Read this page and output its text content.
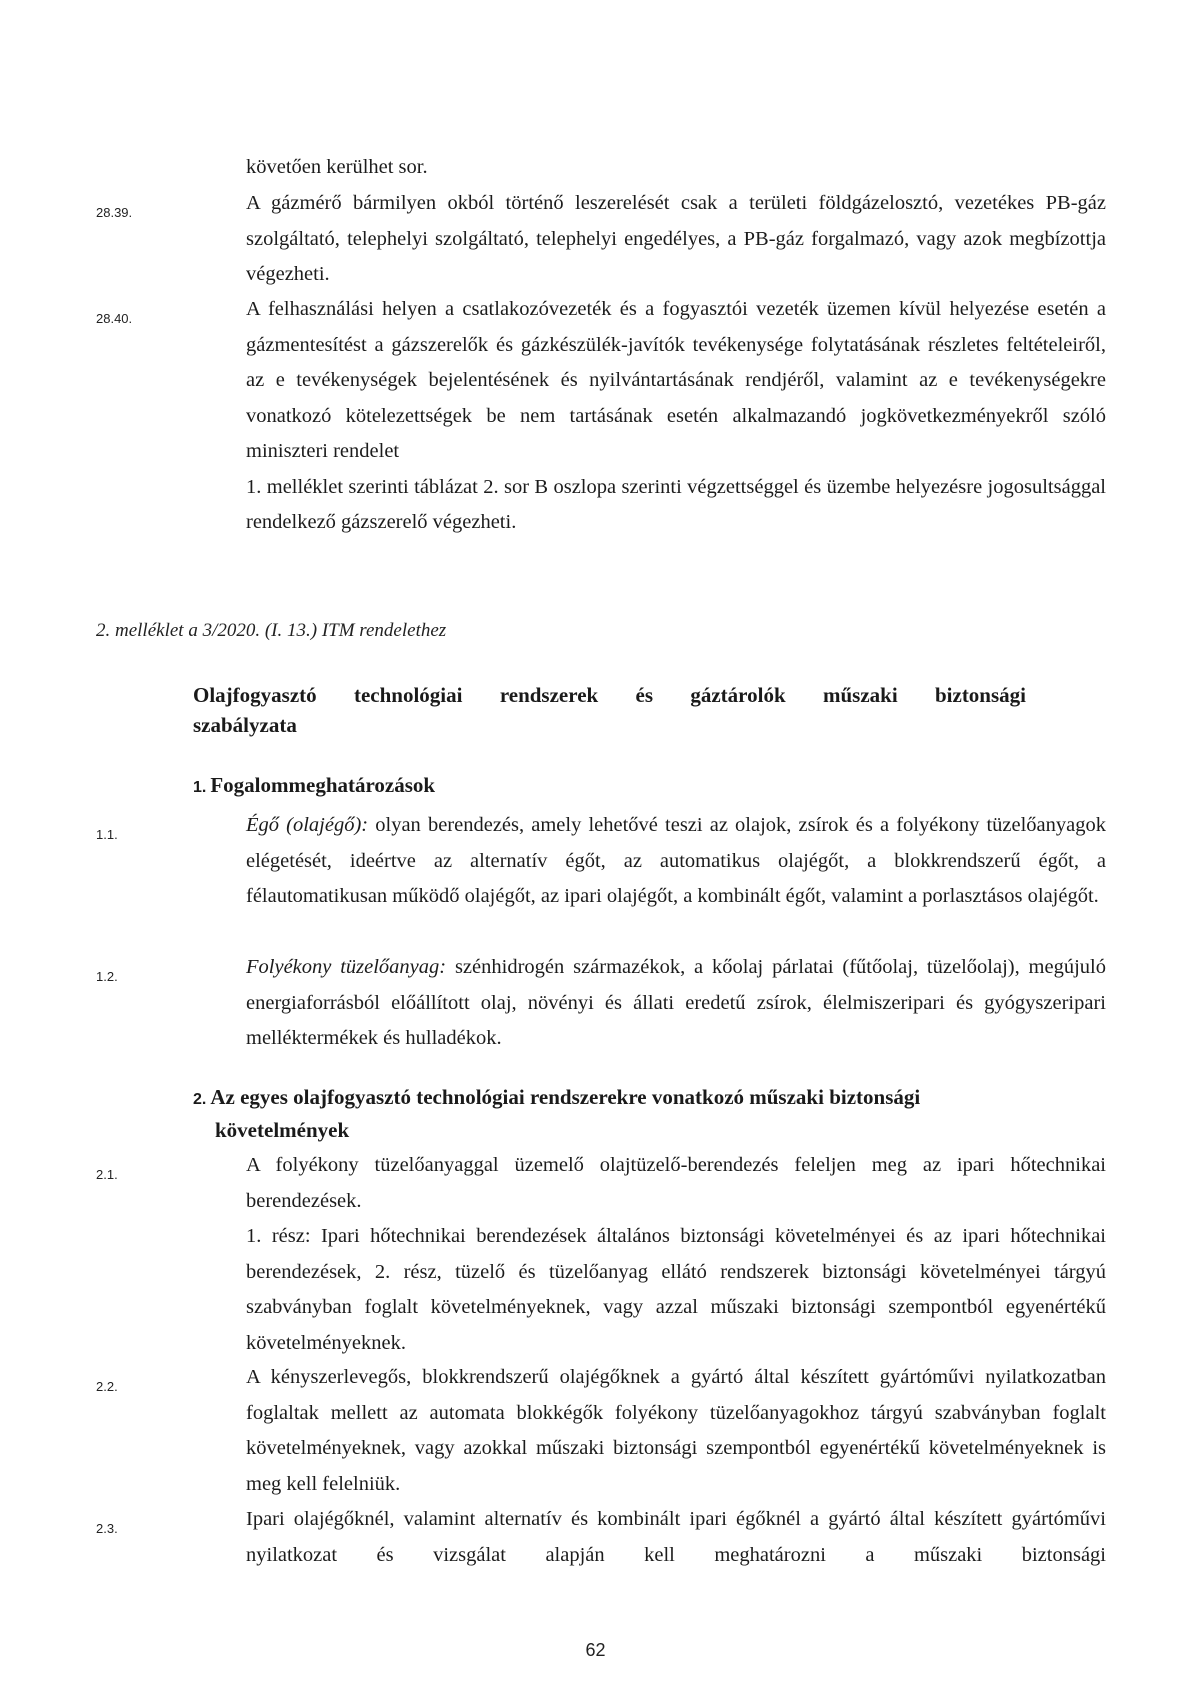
követően kerülhet sor.
28.39.	A gázmérő bármilyen okból történő leszerelését csak a területi földgázelosztó, vezetékes PB-gáz szolgáltató, telephelyi szolgáltató, telephelyi engedélyes, a PB-gáz forgalmazó, vagy azok megbízottja végezheti.
28.40.	A felhasználási helyen a csatlakozóvezeték és a fogyasztói vezeték üzemen kívül helyezése esetén a gázmentesítést a gázszerelők és gázkészülék-javítók tevékenysége folytatásának részletes feltételeiről, az e tevékenységek bejelentésének és nyilvántartásának rendjéről, valamint az e tevékenységekre vonatkozó kötelezettségek be nem tartásának esetén alkalmazandó jogkövetkezményekről szóló miniszteri rendelet
1. melléklet szerinti táblázat 2. sor B oszlopa szerinti végzettséggel és üzembe helyezésre jogosultsággal rendelkező gázszerelő végezheti.
2. melléklet a 3/2020. (I. 13.) ITM rendelethez
Olajfogyasztó technológiai rendszerek és gáztárolók műszaki biztonsági
szabályzata
1. Fogalommeghatározások
1.1.	Égő (olajégő): olyan berendezés, amely lehetővé teszi az olajok, zsírok és a folyékony tüzelőanyagok elégetését, ideértve az alternatív égőt, az automatikus olajégőt, a blokkrendszerű égőt, a félautomatikusan működő olajégőt, az ipari olajégőt, a kombinált égőt, valamint a porlasztásos olajégőt.
1.2.	Folyékony tüzelőanyag: szénhidrogén származékok, a kőolaj párlatai (fűtőolaj, tüzelőolaj), megújuló energiaforrásból előállított olaj, növényi és állati eredetű zsírok, élelmiszeripari és gyógyszeripari melléktermékek és hulladékok.
2. Az egyes olajfogyasztó technológiai rendszerekre vonatkozó műszaki biztonsági
követelmények
2.1.	A folyékony tüzelőanyaggal üzemelő olajtüzelő-berendezés feleljen meg az ipari hőtechnikai berendezések.
1. rész: Ipari hőtechnikai berendezések általános biztonsági követelményei és az ipari hőtechnikai berendezések, 2. rész, tüzelő és tüzelőanyag ellátó rendszerek biztonsági követelményei tárgyú szabványban foglalt követelményeknek, vagy azzal műszaki biztonsági szempontból egyenértékű követelményeknek.
2.2.	A kényszerlevegős, blokkrendszerű olajégőknek a gyártó által készített gyártóművi nyilatkozatban foglaltak mellett az automata blokkégők folyékony tüzelőanyagokhoz tárgyú szabványban foglalt követelményeknek, vagy azokkal műszaki biztonsági szempontból egyenértékű követelményeknek is meg kell felelniük.
2.3.	Ipari olajégőknél, valamint alternatív és kombinált ipari égőknél a gyártó által készített gyártóművi nyilatkozat és vizsgálat alapján kell meghatározni a műszaki biztonsági
62
